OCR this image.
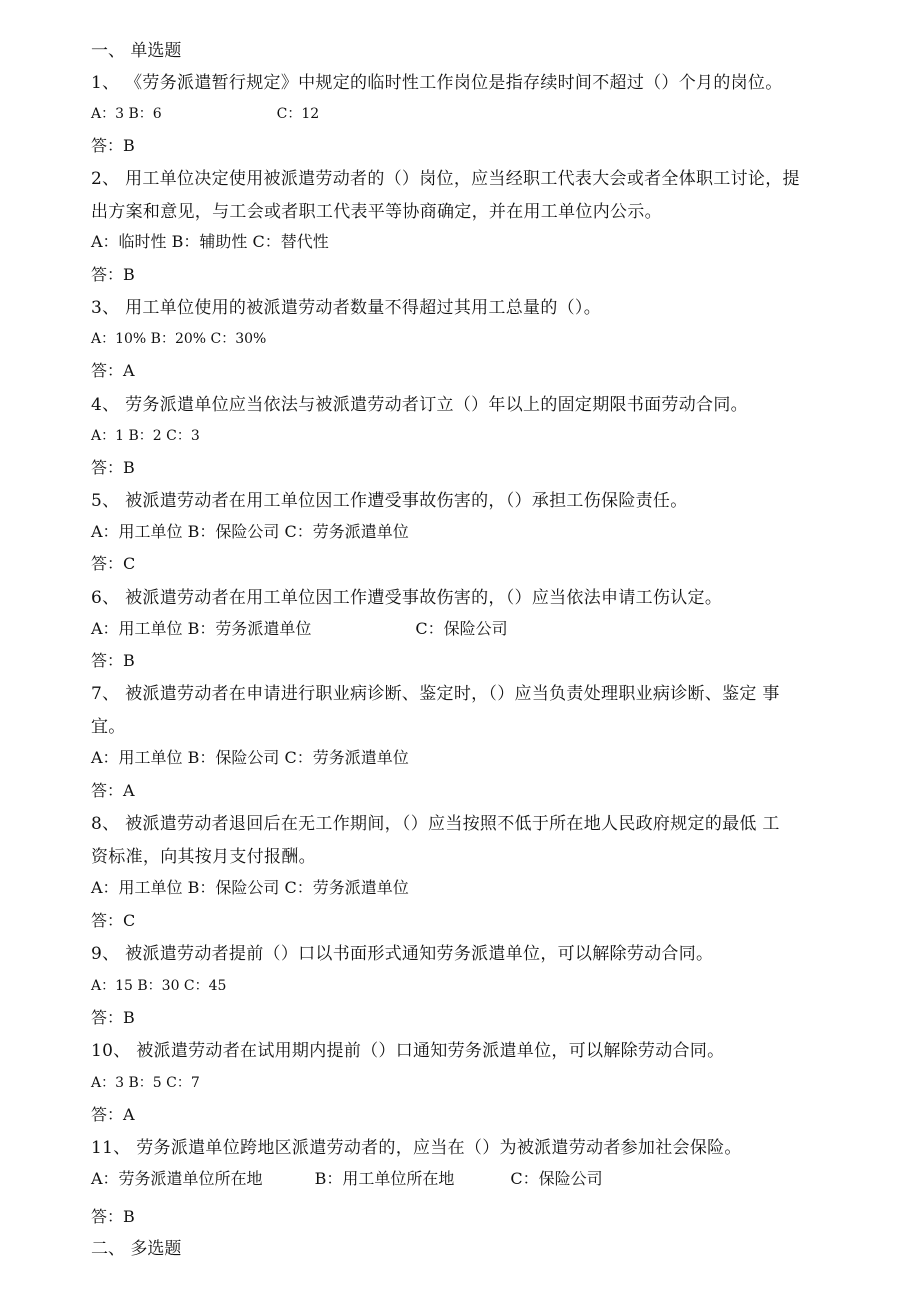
一、 单选题
1、 《劳务派遣暂行规定》中规定的临时性工作岗位是指存续时间不超过（）个月的岗位。
A：3 B：6	C：12
答：B
2、 用工单位决定使用被派遣劳动者的（）岗位，应当经职工代表大会或者全体职工讨论，提
出方案和意见，与工会或者职工代表平等协商确定，并在用工单位内公示。
A：临时性 B：辅助性 C：替代性
答：B
3、 用工单位使用的被派遣劳动者数量不得超过其用工总量的（）。
A：10% B：20% C：30%
答：A
4、 劳务派遣单位应当依法与被派遣劳动者订立（）年以上的固定期限书面劳动合同。
A：1 B：2 C：3
答：B
5、 被派遣劳动者在用工单位因工作遭受事故伤害的，（）承担工伤保险责任。
A：用工单位 B：保险公司 C：劳务派遣单位
答：C
6、 被派遣劳动者在用工单位因工作遭受事故伤害的，（）应当依法申请工伤认定。
A：用工单位 B：劳务派遣单位	C：保险公司
答：B
7、 被派遣劳动者在申请进行职业病诊断、鉴定时，（）应当负责处理职业病诊断、鉴定 事
宜。
A：用工单位 B：保险公司 C：劳务派遣单位
答：A
8、 被派遣劳动者退回后在无工作期间，（）应当按照不低于所在地人民政府规定的最低 工
资标准，向其按月支付报酬。
A：用工单位 B：保险公司 C：劳务派遣单位
答：C
9、 被派遣劳动者提前（）口以书面形式通知劳务派遣单位，可以解除劳动合同。
A：15 B：30 C：45
答：B
10、 被派遣劳动者在试用期内提前（）口通知劳务派遣单位，可以解除劳动合同。
A：3 B：5 C：7
答：A
11、 劳务派遣单位跨地区派遣劳动者的，应当在（）为被派遣劳动者参加社会保险。
A：劳务派遣单位所在地	B：用工单位所在地	C：保险公司
答：B
二、 多选题
